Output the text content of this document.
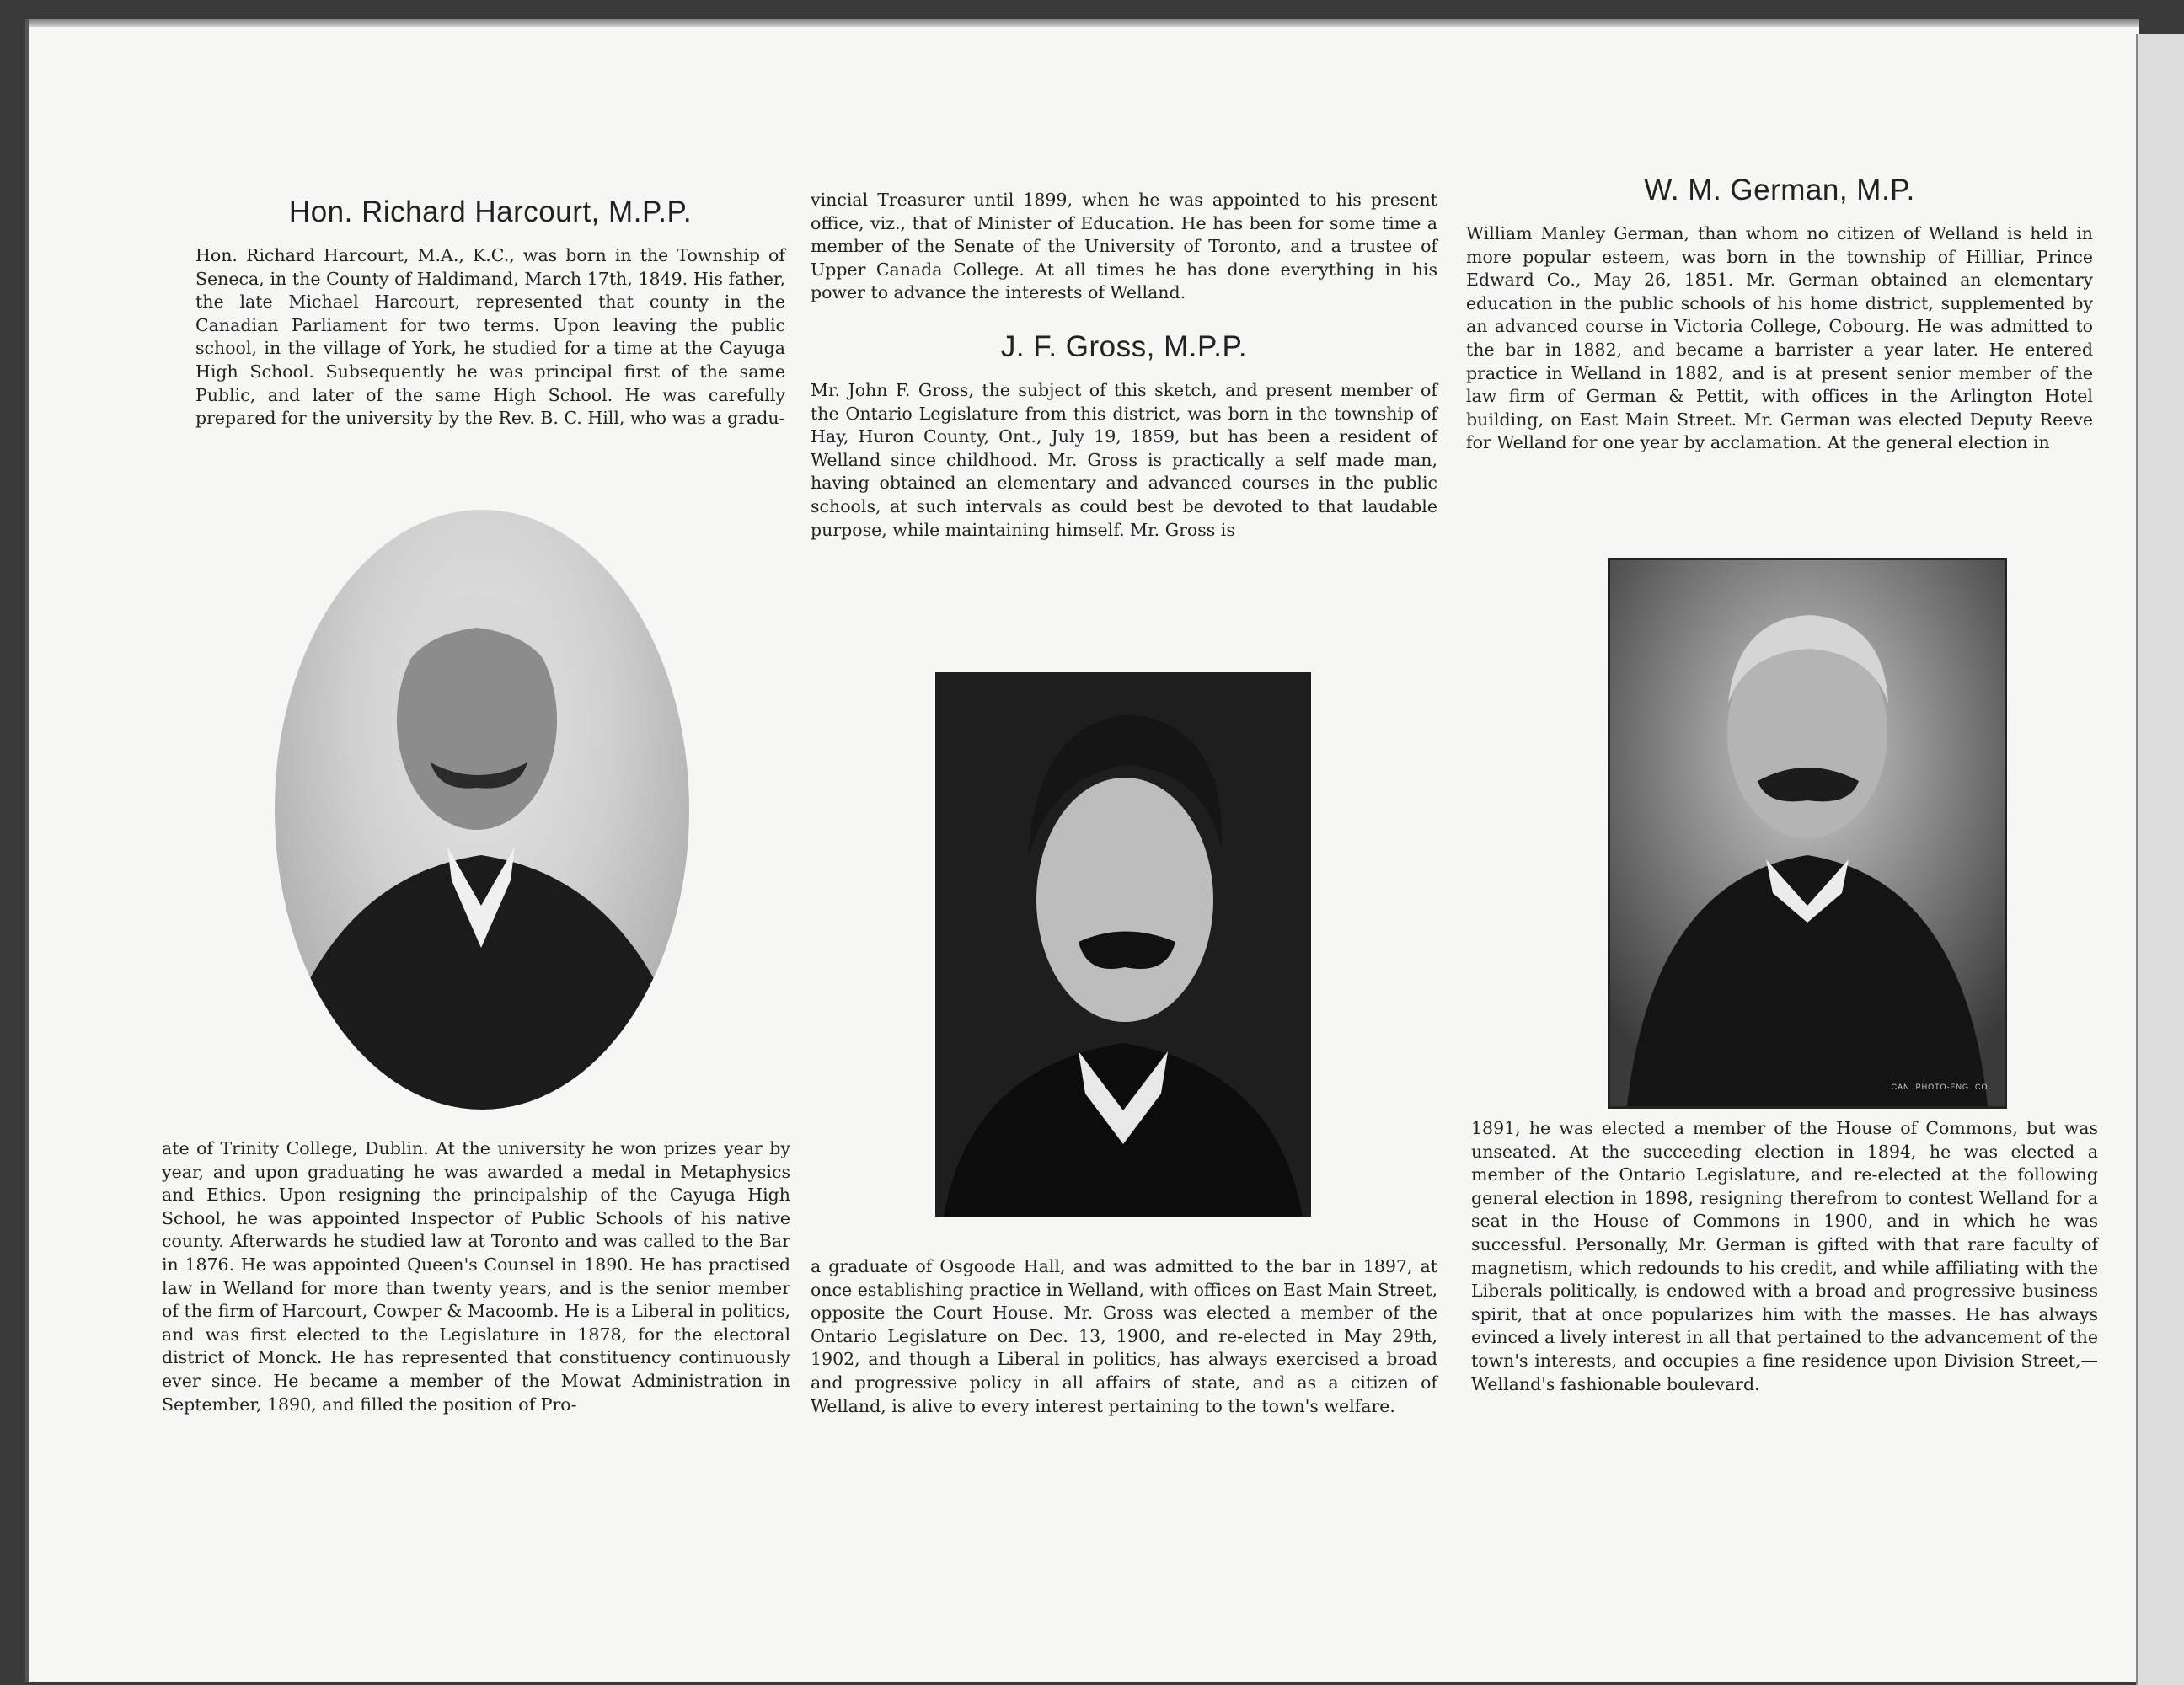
Hon. Richard Harcourt, M.P.P.

Hon. Richard Harcourt, M.A., K.C., was born in the Township of Seneca, in the County of Haldimand, March 17th, 1849. His father, the late Michael Harcourt, represented that county in the Canadian Parliament for two terms. Upon leaving the public school, in the village of York, he studied for a time at the Cayuga High School. Subsequently he was principal first of the same Public, and later of the same High School. He was carefully prepared for the university by the Rev. B. C. Hill, who was a gradu-

ate of Trinity College, Dublin. At the university he won prizes year by year, and upon graduating he was awarded a medal in Metaphysics and Ethics. Upon resigning the principalship of the Cayuga High School, he was appointed Inspector of Public Schools of his native county. Afterwards he studied law at Toronto and was called to the Bar in 1876. He was appointed Queen's Counsel in 1890. He has practised law in Welland for more than twenty years, and is the senior member of the firm of Harcourt, Cowper & Macoomb. He is a Liberal in politics, and was first elected to the Legislature in 1878, for the electoral district of Monck. He has represented that constituency continuously ever since. He became a member of the Mowat Administration in September, 1890, and filled the position of Pro-

vincial Treasurer until 1899, when he was appointed to his present office, viz., that of Minister of Education. He has been for some time a member of the Senate of the University of Toronto, and a trustee of Upper Canada College. At all times he has done everything in his power to advance the interests of Welland.

J. F. Gross, M.P.P.

Mr. John F. Gross, the subject of this sketch, and present member of the Ontario Legislature from this district, was born in the township of Hay, Huron County, Ont., July 19, 1859, but has been a resident of Welland since childhood. Mr. Gross is practically a self made man, having obtained an elementary and advanced courses in the public schools, at such intervals as could best be devoted to that laudable purpose, while maintaining himself. Mr. Gross is

a graduate of Osgoode Hall, and was admitted to the bar in 1897, at once establishing practice in Welland, with offices on East Main Street, opposite the Court House. Mr. Gross was elected a member of the Ontario Legislature on Dec. 13, 1900, and re-elected in May 29th, 1902, and though a Liberal in politics, has always exercised a broad and progressive policy in all affairs of state, and as a citizen of Welland, is alive to every interest pertaining to the town's welfare.

W. M. German, M.P.

William Manley German, than whom no citizen of Welland is held in more popular esteem, was born in the township of Hilliar, Prince Edward Co., May 26, 1851. Mr. German obtained an elementary education in the public schools of his home district, supplemented by an advanced course in Victoria College, Cobourg. He was admitted to the bar in 1882, and became a barrister a year later. He entered practice in Welland in 1882, and is at present senior member of the law firm of German & Pettit, with offices in the Arlington Hotel building, on East Main Street. Mr. German was elected Deputy Reeve for Welland for one year by acclamation. At the general election in

CAN. PHOTO-ENG. CO.

1891, he was elected a member of the House of Commons, but was unseated. At the succeeding election in 1894, he was elected a member of the Ontario Legislature, and re-elected at the following general election in 1898, resigning therefrom to contest Welland for a seat in the House of Commons in 1900, and in which he was successful. Personally, Mr. German is gifted with that rare faculty of magnetism, which redounds to his credit, and while affiliating with the Liberals politically, is endowed with a broad and progressive business spirit, that at once popularizes him with the masses. He has always evinced a lively interest in all that pertained to the advancement of the town's interests, and occupies a fine residence upon Division Street,—Welland's fashionable boulevard.
